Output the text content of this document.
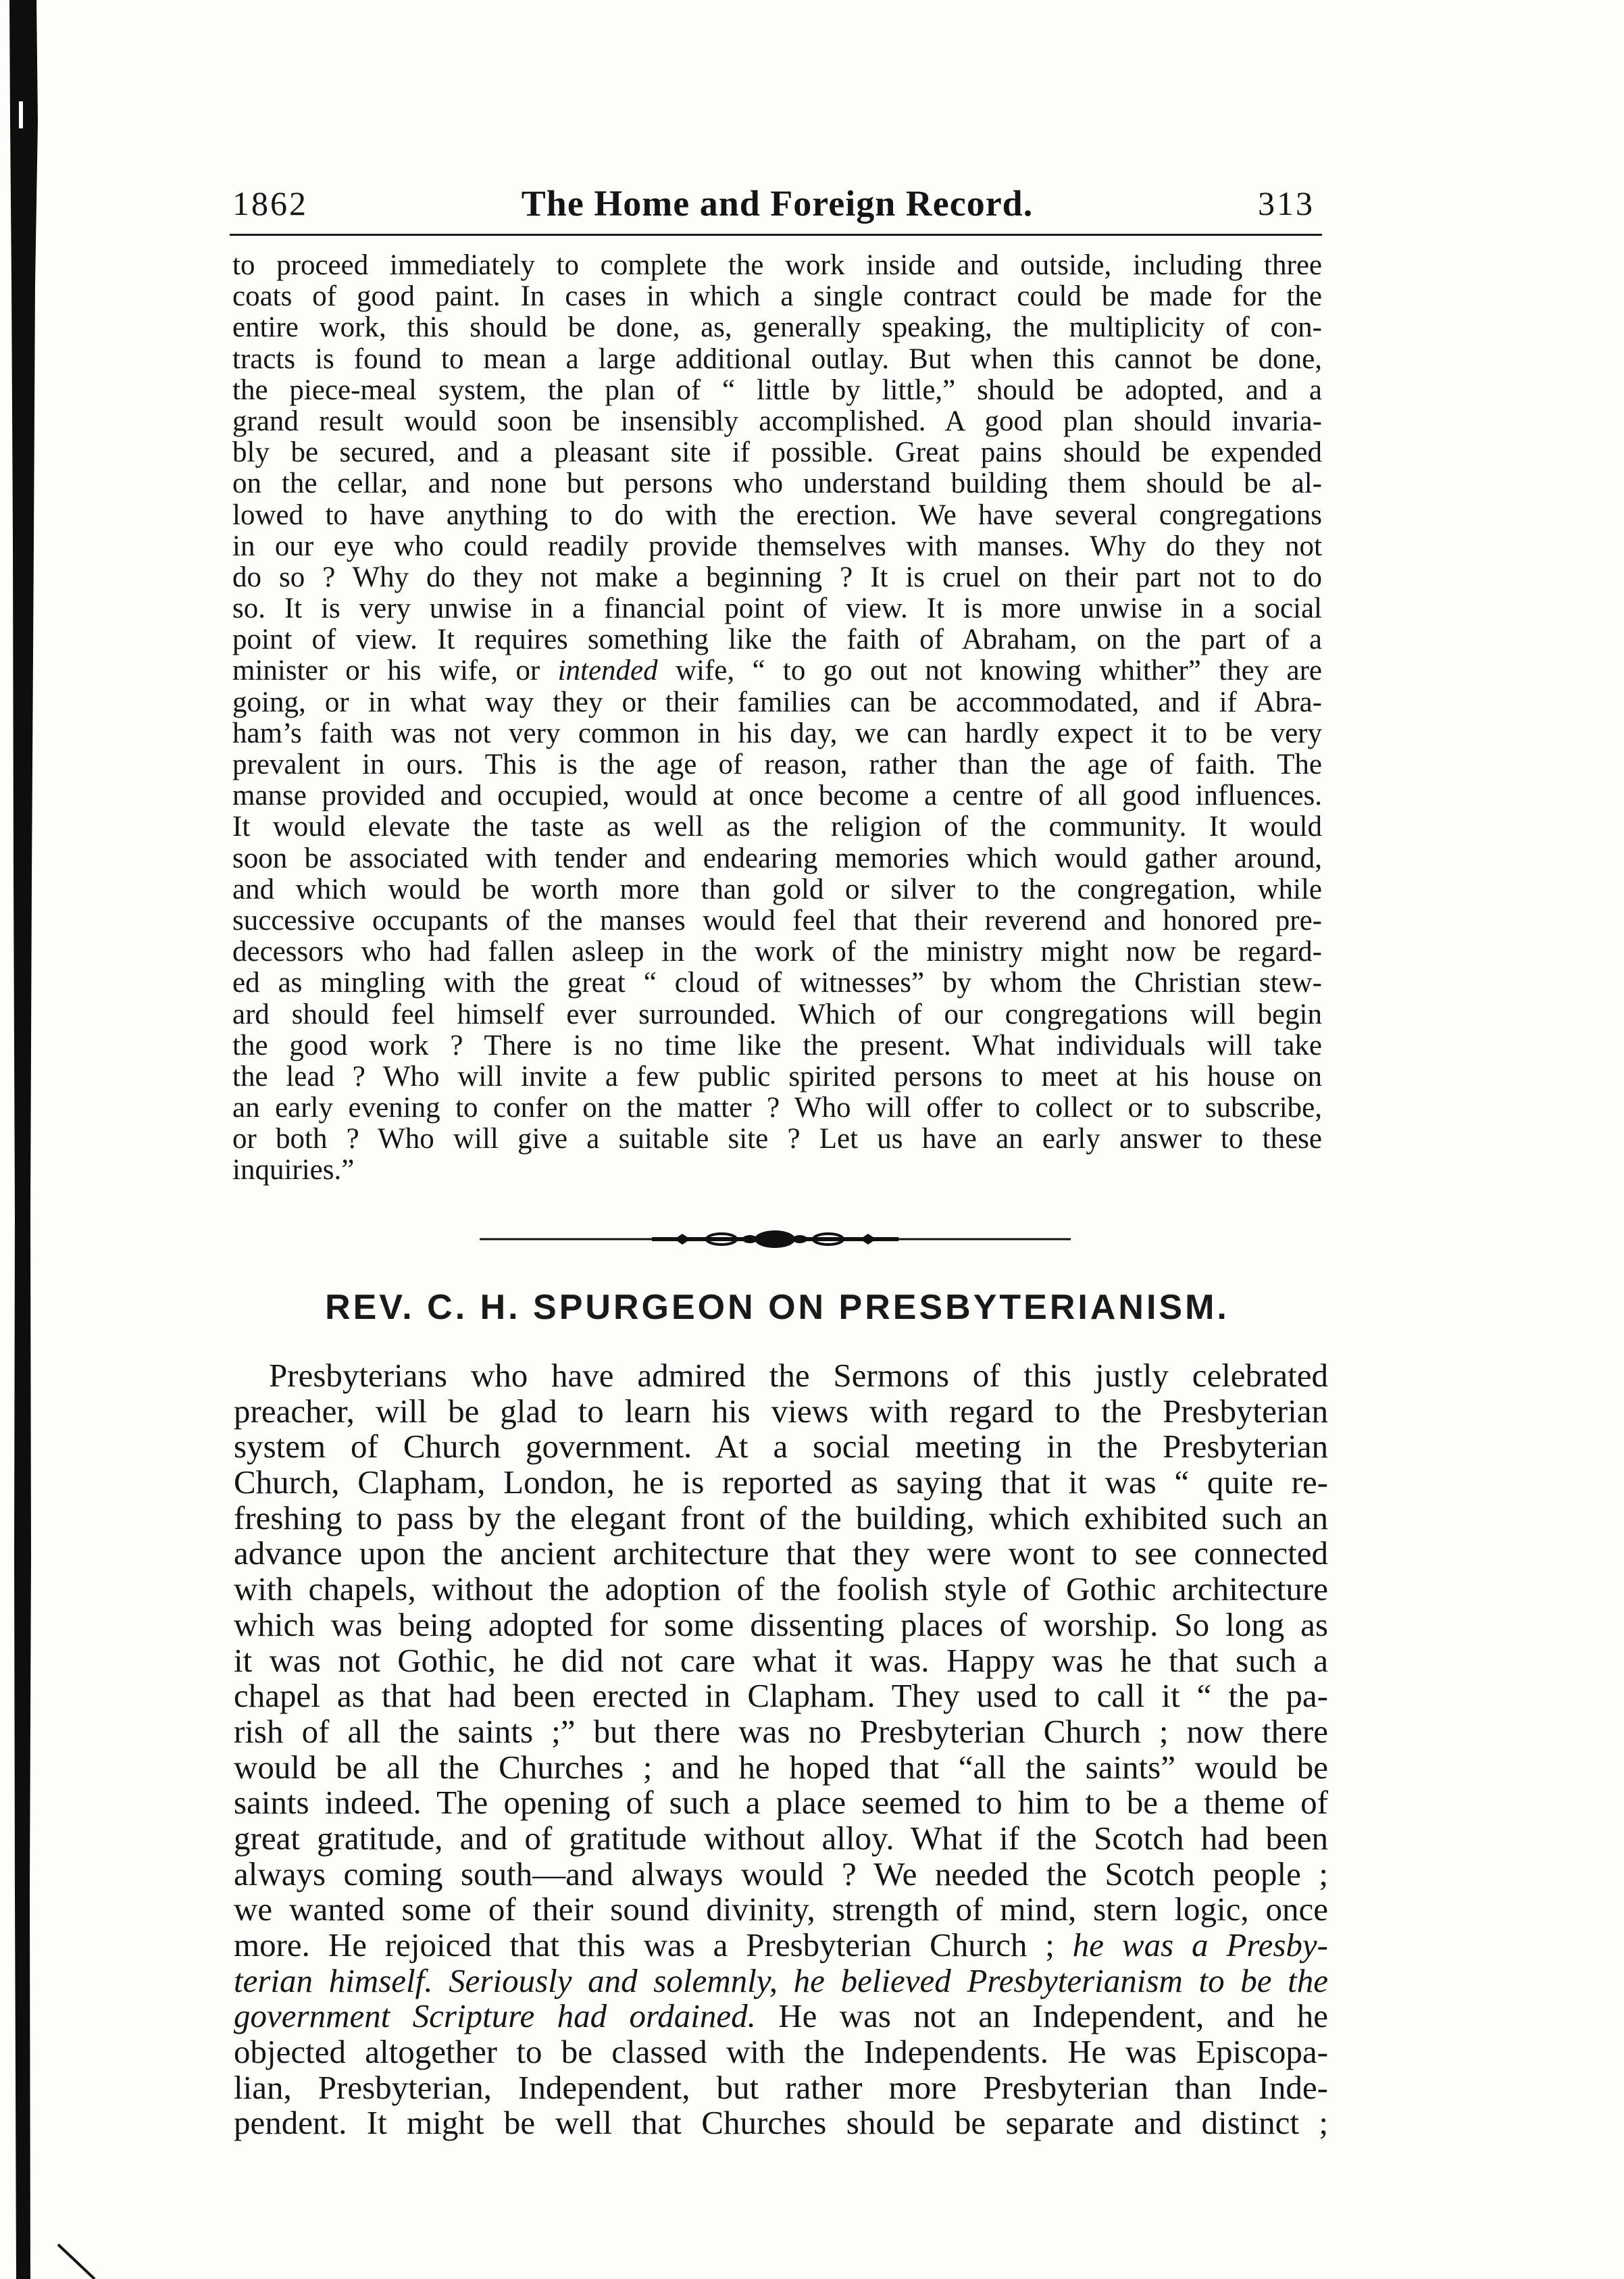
1862	The Home and Foreign Record.	313
to proceed immediately to complete the work inside and outside, including three
coats of good paint. In cases in which a single contract could be made for the
entire work, this should be done, as, generally speaking, the multiplicity of con-
tracts is found to mean a large additional outlay. But when this cannot be done,
the piece-meal system, the plan of “ little by little,” should be adopted, and a
grand result would soon be insensibly accomplished. A good plan should invaria-
bly be secured, and a pleasant site if possible. Great pains should be expended
on the cellar, and none but persons who understand building them should be al-
lowed to have anything to do with the erection. We have several congregations
in our eye who could readily provide themselves with manses. Why do they not
do so ? Why do they not make a beginning ? It is cruel on their part not to do
so. It is very unwise in a financial point of view. It is more unwise in a social
point of view. It requires something like the faith of Abraham, on the part of a
minister or his wife, or intended wife, “ to go out not knowing whither” they are
going, or in what way they or their families can be accommodated, and if Abra-
ham’s faith was not very common in his day, we can hardly expect it to be very
prevalent in ours. This is the age of reason, rather than the age of faith. The
manse provided and occupied, would at once become a centre of all good influences.
It would elevate the taste as well as the religion of the community. It would
soon be associated with tender and endearing memories which would gather around,
and which would be worth more than gold or silver to the congregation, while
successive occupants of the manses would feel that their reverend and honored pre-
decessors who had fallen asleep in the work of the ministry might now be regard-
ed as mingling with the great “ cloud of witnesses” by whom the Christian stew-
ard should feel himself ever surrounded. Which of our congregations will begin
the good work ? There is no time like the present. What individuals will take
the lead ? Who will invite a few public spirited persons to meet at his house on
an early evening to confer on the matter ? Who will offer to collect or to subscribe,
or both ? Who will give a suitable site ? Let us have an early answer to these
inquiries.”
REV. C. H. SPURGEON ON PRESBYTERIANISM.
Presbyterians who have admired the Sermons of this justly celebrated
preacher, will be glad to learn his views with regard to the Presbyterian
system of Church government. At a social meeting in the Presbyterian
Church, Clapham, London, he is reported as saying that it was “ quite re-
freshing to pass by the elegant front of the building, which exhibited such an
advance upon the ancient architecture that they were wont to see connected
with chapels, without the adoption of the foolish style of Gothic architecture
which was being adopted for some dissenting places of worship. So long as
it was not Gothic, he did not care what it was. Happy was he that such a
chapel as that had been erected in Clapham. They used to call it “ the pa-
rish of all the saints ;” but there was no Presbyterian Church ; now there
would be all the Churches ; and he hoped that “all the saints” would be
saints indeed. The opening of such a place seemed to him to be a theme of
great gratitude, and of gratitude without alloy. What if the Scotch had been
always coming south—and always would ? We needed the Scotch people ;
we wanted some of their sound divinity, strength of mind, stern logic, once
more. He rejoiced that this was a Presbyterian Church ; he was a Presby-
terian himself. Seriously and solemnly, he believed Presbyterianism to be the
government Scripture had ordained. He was not an Independent, and he
objected altogether to be classed with the Independents. He was Episcopa-
lian, Presbyterian, Independent, but rather more Presbyterian than Inde-
pendent. It might be well that Churches should be separate and distinct ;
